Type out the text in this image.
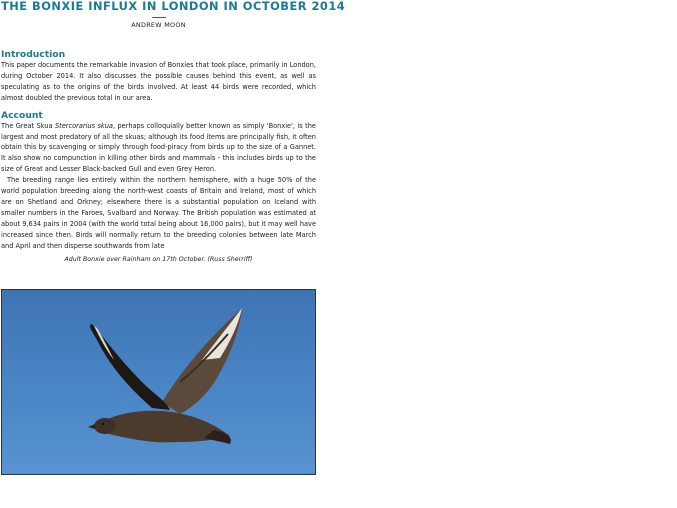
THE BONXIE INFLUX IN LONDON IN OCTOBER 2014
ANDREW MOON
Introduction

This paper documents the remarkable invasion of Bonxies that took place, primarily in London, during October 2014. It also discusses the possible causes behind this event, as well as speculating as to the origins of the birds involved. At least 44 birds were recorded, which almost doubled the previous total in our area.

Account

The Great Skua Stercorarius skua, perhaps colloquially better known as simply 'Bonxie', is the largest and most predatory of all the skuas; although its food items are principally fish, it often obtain this by scavenging or simply through food-piracy from birds up to the size of a Gannet. It also show no compunction in killing other birds and mammals - this includes birds up to the size of Great and Lesser Black-backed Gull and even Grey Heron.

The breeding range lies entirely within the northern hemisphere, with a huge 50% of the world population breeding along the north-west coasts of Britain and Ireland, most of which are on Shetland and Orkney; elsewhere there is a substantial population on Iceland with smaller numbers in the Faroes, Svalbard and Norway. The British population was estimated at about 9,634 pairs in 2004 (with the world total being about 16,000 pairs), but it may well have increased since then. Birds will normally return to the breeding colonies between late March and April and then disperse southwards from late

Adult Bonxie over Rainham on 17th October. (Russ Sherriff)
